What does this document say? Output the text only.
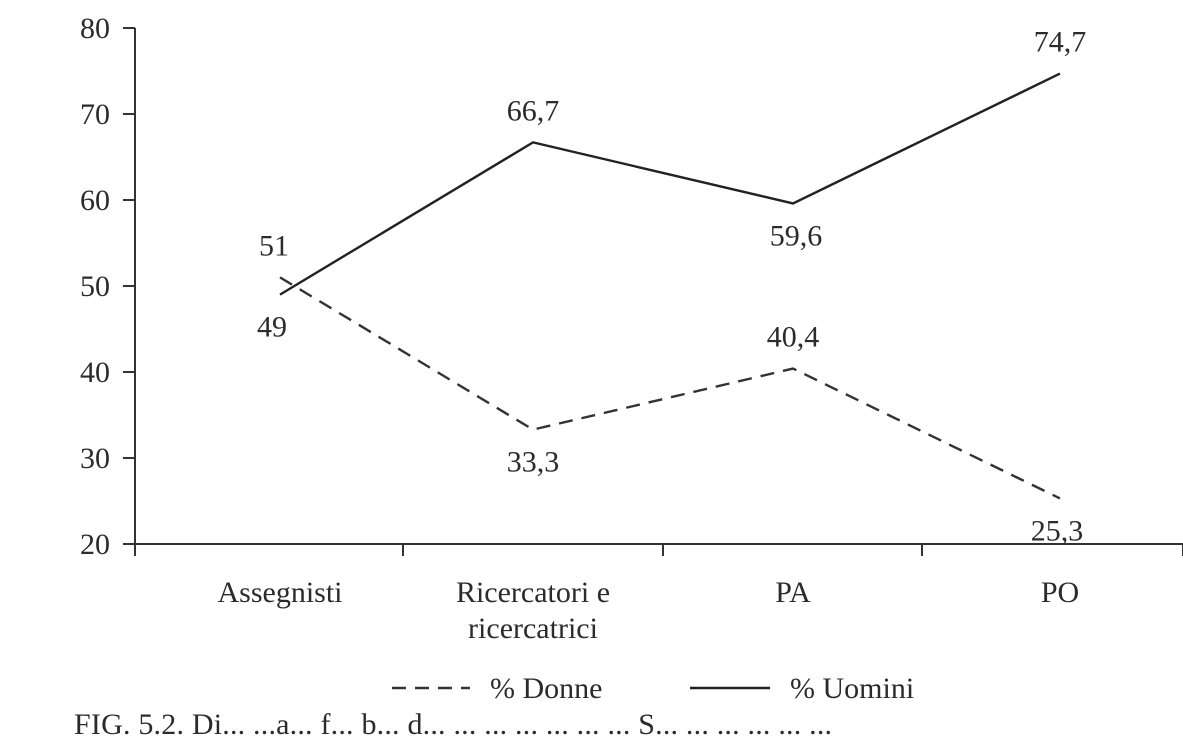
20
30
40
50
60
70
80
Assegnisti	Ricercatori e ricercatrici
PA	PO
51
33,3
40,4
25,3
49
66,7
59,6
74,7
% Donne	% Uomini
FIG. 5.2. Di... ...a... f... b... d... ... ... ... ... ... ... S... ... ... ... ... ...
